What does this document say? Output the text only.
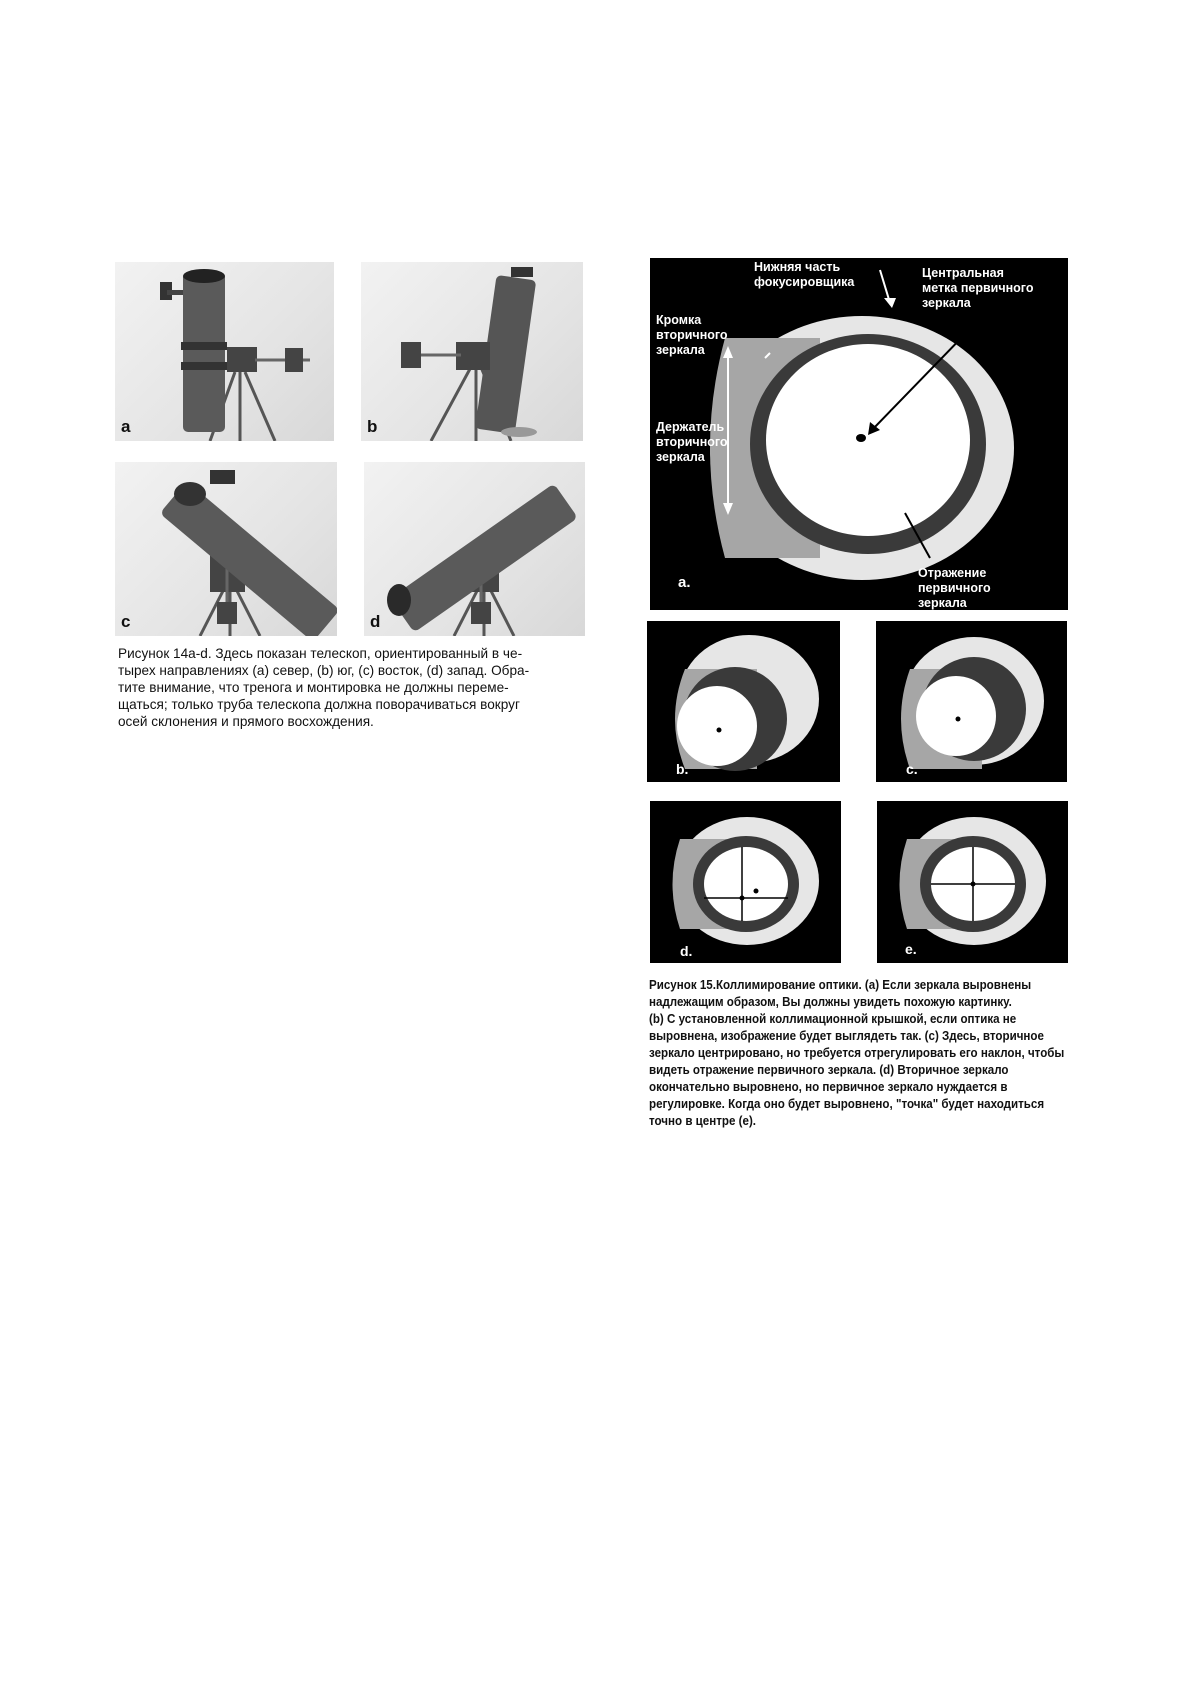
a	b
c	d
Рисунок 14a-d. Здесь показан телескоп, ориентированный в че-
тырех направлениях (a) север, (b) юг, (c) восток, (d) запад. Обра-
тите внимание, что тренога и монтировка не должны переме-
щаться; только труба телескопа должна поворачиваться вокруг
осей склонения и прямого восхождения.
Нижняя часть
фокусировщика
Центральная
метка первичного
зеркала
Кромка
вторичного
зеркала
Держатель
вторичного
зеркала
Отражение
первичного
зеркала
a.
b.	c.
d.	e.

Рисунок 15.Коллимирование оптики. (a) Если зеркала выровнены

надлежащим образом, Вы должны увидеть похожую картинку.

(b) С установленной коллимационной крышкой, если оптика не

выровнена, изображение будет выглядеть так. (c) Здесь, вторичное

зеркало центрировано, но требуется отрегулировать его наклон, чтобы

видеть отражение первичного зеркала. (d) Вторичное зеркало

окончательно выровнено, но первичное зеркало нуждается в

регулировке. Когда оно будет выровнено, "точка" будет находиться

точно в центре (e).
